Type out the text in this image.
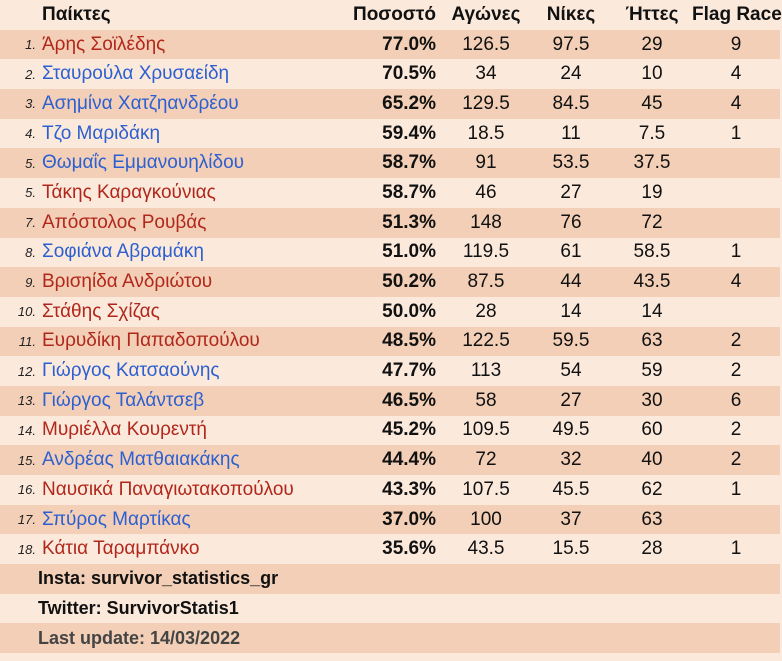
	Παίκτες	Ποσοστό	Αγώνες	Νίκες	Ήττες	Flag Race
1.	Άρης Σοϊλέδης	77.0%	126.5	97.5	29	9
2.	Σταυρούλα Χρυσαείδη	70.5%	34	24	10	4
3.	Ασημίνα Χατζηανδρέου	65.2%	129.5	84.5	45	4
4.	Τζο Μαριδάκη	59.4%	18.5	11	7.5	1
5.	Θωμαΐς Εμμανουηλίδου	58.7%	91	53.5	37.5	
5.	Τάκης Καραγκούνιας	58.7%	46	27	19	
7.	Απόστολος Ρουβάς	51.3%	148	76	72	
8.	Σοφιάνα Αβραμάκη	51.0%	119.5	61	58.5	1
9.	Βρισηίδα Ανδριώτου	50.2%	87.5	44	43.5	4
10.	Στάθης Σχίζας	50.0%	28	14	14	
11.	Ευρυδίκη Παπαδοπούλου	48.5%	122.5	59.5	63	2
12.	Γιώργος Κατσαούνης	47.7%	113	54	59	2
13.	Γιώργος Ταλάντσεβ	46.5%	58	27	30	6
14.	Μυριέλλα Κουρεντή	45.2%	109.5	49.5	60	2
15.	Ανδρέας Ματθαιακάκης	44.4%	72	32	40	2
16.	Ναυσικά Παναγιωτακοπούλου	43.3%	107.5	45.5	62	1
17.	Σπύρος Μαρτίκας	37.0%	100	37	63	
18.	Κάτια Ταραμπάνκο	35.6%	43.5	15.5	28	1
Insta: survivor_statistics_gr						
Twitter: SurvivorStatis1						
Last update: 14/03/2022						
